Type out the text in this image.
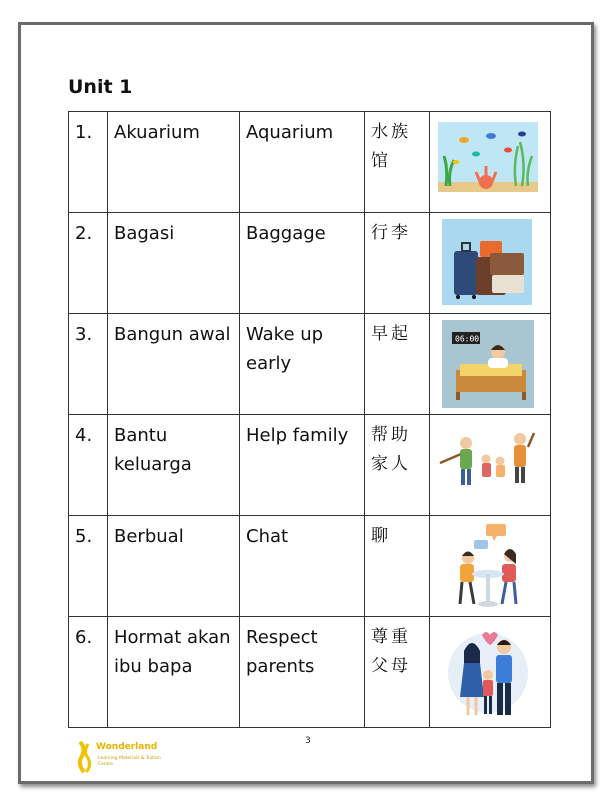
Unit 1
1.	Akuarium	Aquarium	水族馆	

2.	Bagasi	Baggage	行李	

3.	Bangun awal	Wake up early	早起	06:00

4.	Bantu keluarga	Help family	帮助家人	

5.	Berbual	Chat	聊	

6.	Hormat akan ibu bapa	Respect parents	尊重父母	
3
Wonderland
Learning Materials & Tuition Centre
